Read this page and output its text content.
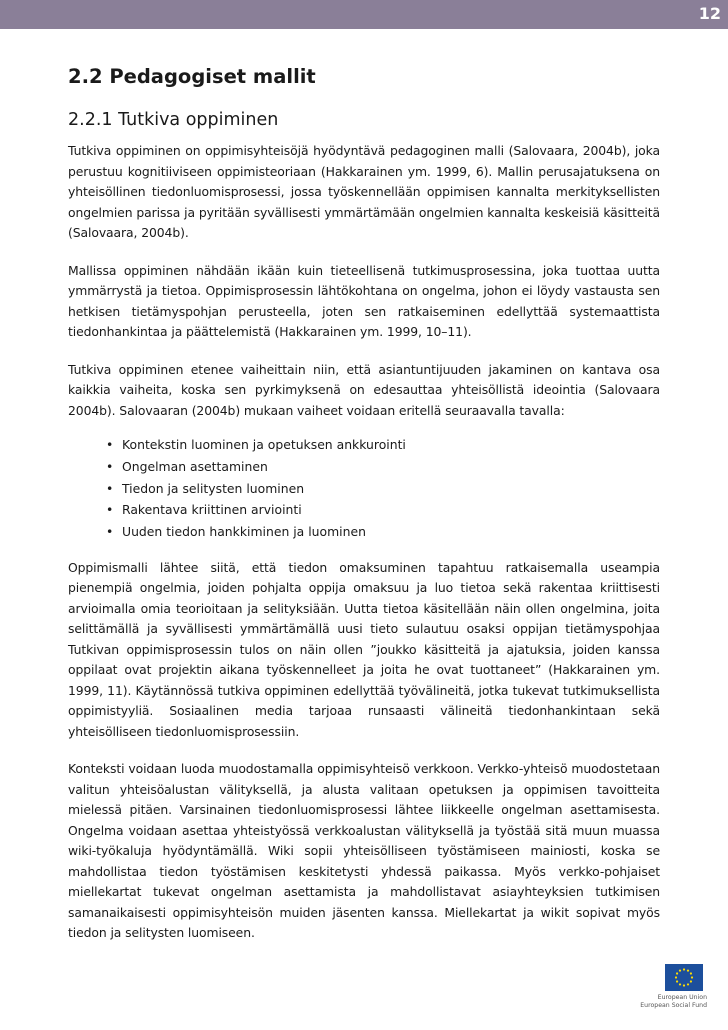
12
2.2 Pedagogiset mallit
2.2.1 Tutkiva oppiminen

Tutkiva oppiminen on oppimisyhteisöjä hyödyntävä pedagoginen malli (Salovaara, 2004b), joka perustuu kognitiiviseen oppimisteoriaan (Hakkarainen ym. 1999, 6). Mallin perusajatuksena on yhteisöllinen tiedonluomisprosessi, jossa työskennellään oppimisen kannalta merkityksellisten ongelmien parissa ja pyritään syvällisesti ymmärtämään ongelmien kannalta keskeisiä käsitteitä (Salovaara, 2004b).

Mallissa oppiminen nähdään ikään kuin tieteellisenä tutkimusprosessina, joka tuottaa uutta ymmärrystä ja tietoa. Oppimisprosessin lähtökohtana on ongelma, johon ei löydy vastausta sen hetkisen tietämyspohjan perusteella, joten sen ratkaiseminen edellyttää systemaattista tiedonhankintaa ja päättelemistä (Hakkarainen ym. 1999, 10–11).

Tutkiva oppiminen etenee vaiheittain niin, että asiantuntijuuden jakaminen on kantava osa kaikkia vaiheita, koska sen pyrkimyksenä on edesauttaa yhteisöllistä ideointia (Salovaara 2004b). Salovaaran (2004b) mukaan vaiheet voidaan eritellä seuraavalla tavalla:

• Kontekstin luominen ja opetuksen ankkurointi
• Ongelman asettaminen
• Tiedon ja selitysten luominen
• Rakentava kriittinen arviointi
• Uuden tiedon hankkiminen ja luominen

Oppimismalli lähtee siitä, että tiedon omaksuminen tapahtuu ratkaisemalla useampia pienempiä ongelmia, joiden pohjalta oppija omaksuu ja luo tietoa sekä rakentaa kriittisesti arvioimalla omia teorioitaan ja selityksiään. Uutta tietoa käsitellään näin ollen ongelmina, joita selittämällä ja syvällisesti ymmärtämällä uusi tieto sulautuu osaksi oppijan tietämyspohjaa Tutkivan oppimisprosessin tulos on näin ollen ”joukko käsitteitä ja ajatuksia, joiden kanssa oppilaat ovat projektin aikana työskennelleet ja joita he ovat tuottaneet” (Hakkarainen ym. 1999, 11). Käytännössä tutkiva oppiminen edellyttää työvälineitä, jotka tukevat tutkimuksellista oppimistyyliä. Sosiaalinen media tarjoaa runsaasti välineitä tiedonhankintaan sekä yhteisölliseen tiedonluomisprosessiin.

Konteksti voidaan luoda muodostamalla oppimisyhteisö verkkoon. Verkko-yhteisö muodostetaan valitun yhteisöalustan välityksellä, ja alusta valitaan opetuksen ja oppimisen tavoitteita mielessä pitäen. Varsinainen tiedonluomisprosessi lähtee liikkeelle ongelman asettamisesta. Ongelma voidaan asettaa yhteistyössä verkkoalustan välityksellä ja työstää sitä muun muassa wiki-työkaluja hyödyntämällä. Wiki sopii yhteisölliseen työstämiseen mainiosti, koska se mahdollistaa tiedon työstämisen keskitetysti yhdessä paikassa. Myös verkko-pohjaiset miellekartat tukevat ongelman asettamista ja mahdollistavat asiayhteyksien tutkimisen samanaikaisesti oppimisyhteisön muiden jäsenten kanssa. Miellekartat ja wikit sopivat myös tiedon ja selitysten luomiseen.

European Union
European Social Fund
